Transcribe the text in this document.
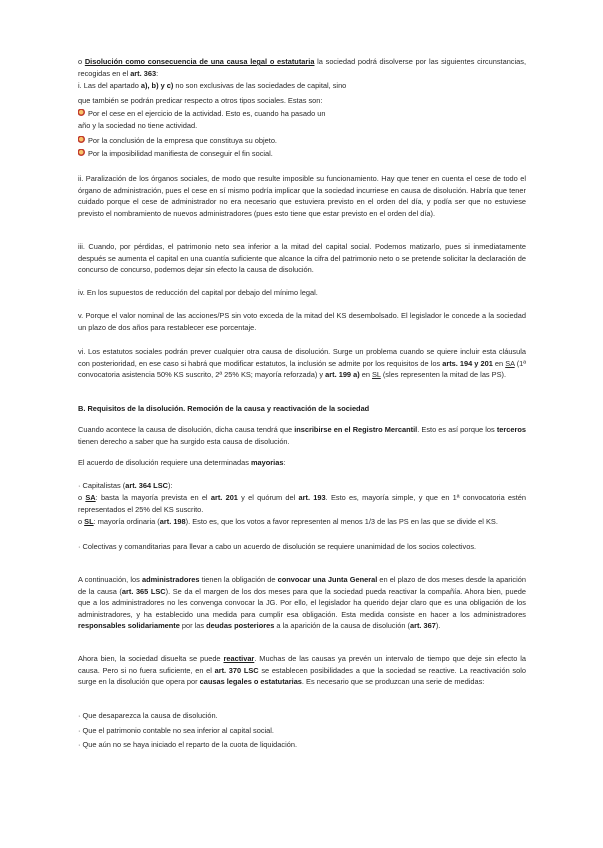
o Disolución como consecuencia de una causa legal o estatutaria la sociedad podrá disolverse por las siguientes circunstancias, recogidas en el art. 363:

i. Las del apartado a), b) y c) no son exclusivas de las sociedades de capital, sino
que también se podrán predicar respecto a otros tipos sociales. Estas son:
Por el cese en el ejercicio de la actividad. Esto es, cuando ha pasado un
año y la sociedad no tiene actividad.
Por la conclusión de la empresa que constituya su objeto.
Por la imposibilidad manifiesta de conseguir el fin social.

ii. Paralización de los órganos sociales, de modo que resulte imposible su funcionamiento. Hay que tener en cuenta el cese de todo el órgano de administración, pues el cese en sí mismo podría implicar que la sociedad incurriese en causa de disolución. Habría que tener cuidado porque el cese de administrador no era necesario que estuviera previsto en el orden del día, y podía ser que no estuviese previsto el nombramiento de nuevos administradores (pues esto tiene que estar previsto en el orden del día).

iii. Cuando, por pérdidas, el patrimonio neto sea inferior a la mitad del capital social. Podemos matizarlo, pues si inmediatamente después se aumenta el capital en una cuantía suficiente que alcance la cifra del patrimonio neto o se pretende solicitar la declaración de concurso de concurso, podemos dejar sin efecto la causa de disolución.

iv. En los supuestos de reducción del capital por debajo del mínimo legal.

v. Porque el valor nominal de las acciones/PS sin voto exceda de la mitad del KS desembolsado. El legislador le concede a la sociedad un plazo de dos años para restablecer ese porcentaje.

vi. Los estatutos sociales podrán prever cualquier otra causa de disolución. Surge un problema cuando se quiere incluir esta cláusula con posterioridad, en ese caso si habrá que modificar estatutos, la inclusión se admite por los requisitos de los arts. 194 y 201 en SA (1ª convocatoria asistencia 50% KS suscrito, 2ª 25% KS; mayoría reforzada) y art. 199 a) en SL (sles representen la mitad de las PS).

B. Requisitos de la disolución. Remoción de la causa y reactivación de la sociedad

Cuando acontece la causa de disolución, dicha causa tendrá que inscribirse en el Registro Mercantil. Esto es así porque los terceros tienen derecho a saber que ha surgido esta causa de disolución.

El acuerdo de disolución requiere una determinadas mayorias:
· Capitalistas (art. 364 LSC):

o SA: basta la mayoría prevista en el art. 201 y el quórum del art. 193. Esto es, mayoría simple, y que en 1ª convocatoria estén representados el 25% del KS suscrito.

o SL: mayoría ordinaria (art. 198). Esto es, que los votos a favor representen al menos 1/3 de las PS en las que se divide el KS.

· Colectivas y comanditarias para llevar a cabo un acuerdo de disolución se requiere unanimidad de los socios colectivos.

A continuación, los administradores tienen la obligación de convocar una Junta General en el plazo de dos meses desde la aparición de la causa (art. 365 LSC). Se da el margen de los dos meses para que la sociedad pueda reactivar la compañía. Ahora bien, puede que a los administradores no les convenga convocar la JG. Por ello, el legislador ha querido dejar claro que es una obligación de los administradores, y ha establecido una medida para cumplir esa obligación. Esta medida consiste en hacer a los administradores responsables solidariamente por las deudas posteriores a la aparición de la causa de disolución (art. 367).

Ahora bien, la sociedad disuelta se puede reactivar. Muchas de las causas ya prevén un intervalo de tiempo que deje sin efecto la causa. Pero si no fuera suficiente, en el art. 370 LSC se establecen posibilidades a que la sociedad se reactive. La reactivación solo surge en la disolución que opera por causas legales o estatutarias. Es necesario que se produzcan una serie de medidas:

· Que desaparezca la causa de disolución.
· Que el patrimonio contable no sea inferior al capital social.
· Que aún no se haya iniciado el reparto de la cuota de liquidación.
